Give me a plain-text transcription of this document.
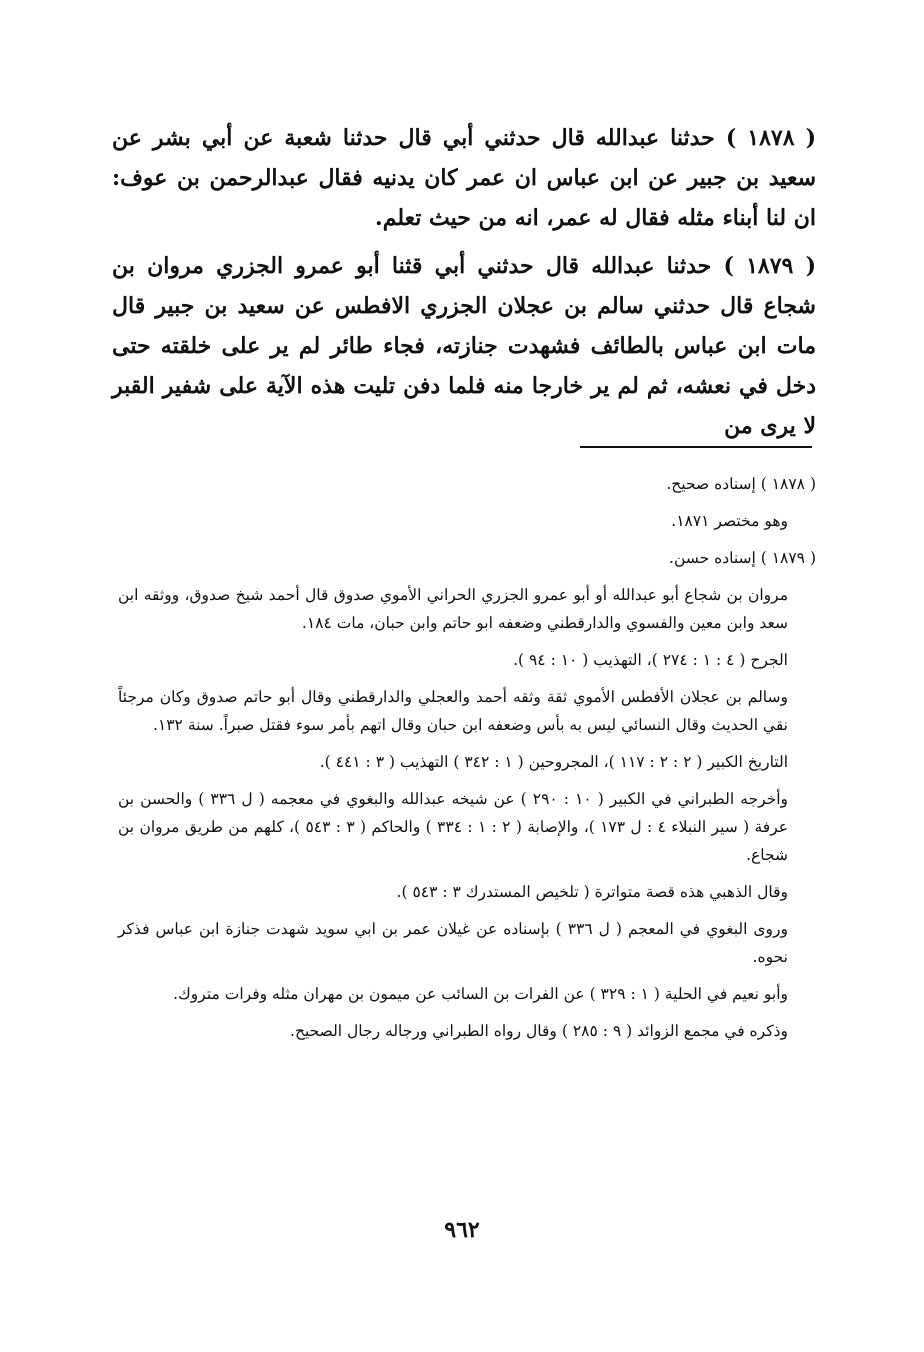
( ١٨٧٨ ) حدثنا عبدالله قال حدثني أبي قال حدثنا شعبة عن أبي بشر عن سعيد بن جبير عن ابن عباس ان عمر كان يدنيه فقال عبدالرحمن بن عوف: ان لنا أبناء مثله فقال له عمر، انه من حيث تعلم.

( ١٨٧٩ ) حدثنا عبدالله قال حدثني أبي قثنا أبو عمرو الجزري مروان بن شجاع قال حدثني سالم بن عجلان الجزري الافطس عن سعيد بن جبير قال مات ابن عباس بالطائف فشهدت جنازته، فجاء طائر لم ير على خلقته حتى دخل في نعشه، ثم لم ير خارجا منه فلما دفن تليت هذه الآية على شفير القبر لا يرى من

( ١٨٧٨ ) إسناده صحيح.

وهو مختصر ١٨٧١.

( ١٨٧٩ ) إسناده حسن.

مروان بن شجاع أبو عبدالله أو أبو عمرو الجزري الحراني الأموي صدوق قال أحمد شيخ صدوق، ووثقه ابن سعد وابن معين والفسوي والدارقطني وضعفه ابو حاتم وابن حبان، مات ١٨٤.

الجرح ( ٤ : ١ : ٢٧٤ )، التهذيب ( ١٠ : ٩٤ ).

وسالم بن عجلان الأفطس الأموي ثقة وثقه أحمد والعجلي والدارقطني وقال أبو حاتم صدوق وكان مرجئاً نقي الحديث وقال النسائي ليس به بأس وضعفه ابن حبان وقال اتهم بأمر سوء فقتل صبراً. سنة ١٣٢.

التاريخ الكبير ( ٢ : ٢ : ١١٧ )، المجروحين ( ١ : ٣٤٢ ) التهذيب ( ٣ : ٤٤١ ).

وأخرجه الطبراني في الكبير ( ١٠ : ٢٩٠ ) عن شيخه عبدالله والبغوي في معجمه ( ل ٣٣٦ ) والحسن بن عرفة ( سير النبلاء ٤ : ل ١٧٣ )، والإصابة ( ٢ : ١ : ٣٣٤ ) والحاكم ( ٣ : ٥٤٣ )، كلهم من طريق مروان بن شجاع.

وقال الذهبي هذه قصة متواترة ( تلخيص المستدرك ٣ : ٥٤٣ ).

وروى البغوي في المعجم ( ل ٣٣٦ ) بإسناده عن غيلان عمر بن ابي سويد شهدت جنازة ابن عباس فذكر نحوه.

وأبو نعيم في الحلية ( ١ : ٣٢٩ ) عن الفرات بن السائب عن ميمون بن مهران مثله وفرات متروك.

وذكره في مجمع الزوائد ( ٩ : ٢٨٥ ) وقال رواه الطبراني ورجاله رجال الصحيح.

٩٦٢
